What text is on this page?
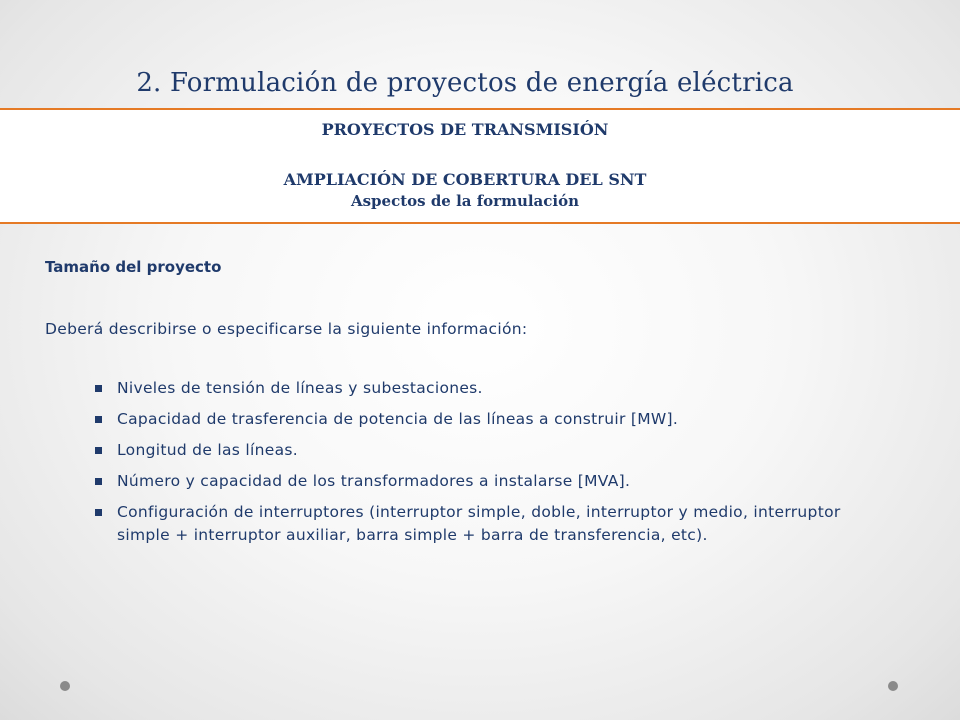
2. Formulación de proyectos de energía eléctrica
PROYECTOS DE TRANSMISIÓN
AMPLIACIÓN DE COBERTURA DEL SNT
Aspectos de la formulación
Tamaño del proyecto
Deberá describirse o especificarse la siguiente información:
Niveles de tensión de líneas y subestaciones.
Capacidad de trasferencia de potencia de las líneas a construir [MW].
Longitud de las líneas.
Número y capacidad de los transformadores a instalarse [MVA].
Configuración de interruptores (interruptor simple, doble, interruptor y medio, interruptor simple + interruptor auxiliar, barra simple + barra de transferencia, etc).
